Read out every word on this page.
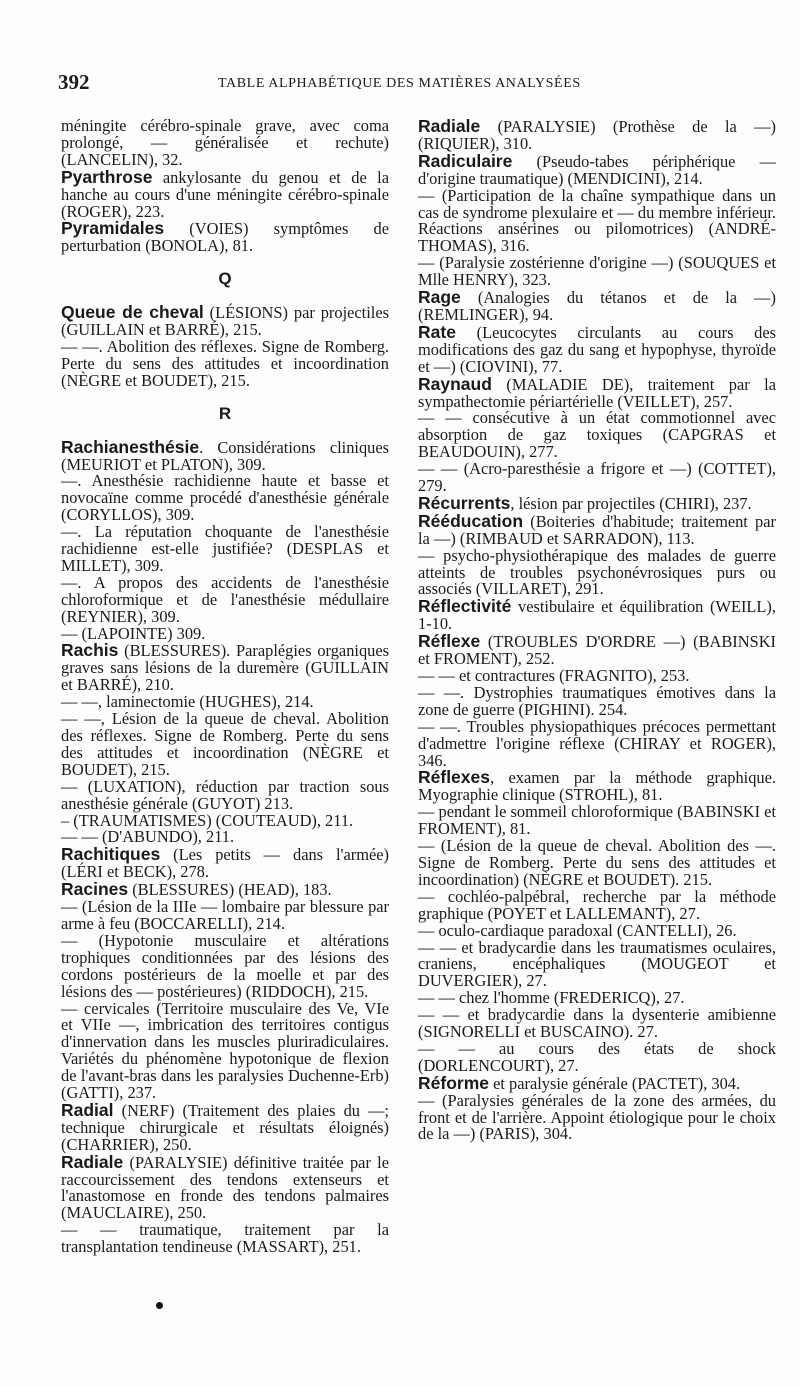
392	TABLE ALPHABÉTIQUE DES MATIÈRES ANALYSÉES

méningite cérébro-spinale grave, avec coma prolongé, — généralisée et rechute) (LANCELIN), 32.

Pyarthrose ankylosante du genou et de la hanche au cours d'une méningite cérébro-spinale (ROGER), 223.

Pyramidales (VOIES) symptômes de perturbation (BONOLA), 81.

Q

Queue de cheval (LÉSIONS) par projectiles (GUILLAIN et BARRÉ), 215.

— —. Abolition des réflexes. Signe de Romberg. Perte du sens des attitudes et incoordination (NÈGRE et BOUDET), 215.

R

Rachianesthésie. Considérations cliniques (MEURIOT et PLATON), 309.

—. Anesthésie rachidienne haute et basse et novocaïne comme procédé d'anesthésie générale (CORYLLOS), 309.

—. La réputation choquante de l'anesthésie rachidienne est-elle justifiée? (DESPLAS et MILLET), 309.

—. A propos des accidents de l'anesthésie chloroformique et de l'anesthésie médullaire (REYNIER), 309.

— (LAPOINTE) 309.

Rachis (BLESSURES). Paraplégies organiques graves sans lésions de la duremère (GUILLAIN et BARRÉ), 210.

— —, laminectomie (HUGHES), 214.

— —, Lésion de la queue de cheval. Abolition des réflexes. Signe de Romberg. Perte du sens des attitudes et incoordination (NÈGRE et BOUDET), 215.

— (LUXATION), réduction par traction sous anesthésie générale (GUYOT) 213.

– (TRAUMATISMES) (COUTEAUD), 211.

— — (D'ABUNDO), 211.

Rachitiques (Les petits — dans l'armée) (LÉRI et BECK), 278.

Racines (BLESSURES) (HEAD), 183.

— (Lésion de la IIIe — lombaire par blessure par arme à feu (BOCCARELLI), 214.

— (Hypotonie musculaire et altérations trophiques conditionnées par des lésions des cordons postérieurs de la moelle et par des lésions des — postérieures) (RIDDOCH), 215.

— cervicales (Territoire musculaire des Ve, VIe et VIIe —, imbrication des territoires contigus d'innervation dans les muscles pluriradiculaires. Variétés du phénomène hypotonique de flexion de l'avant-bras dans les paralysies Duchenne-Erb) (GATTI), 237.

Radial (NERF) (Traitement des plaies du —; technique chirurgicale et résultats éloignés) (CHARRIER), 250.

Radiale (PARALYSIE) définitive traitée par le raccourcissement des tendons extenseurs et l'anastomose en fronde des tendons palmaires (MAUCLAIRE), 250.

— — traumatique, traitement par la transplantation tendineuse (MASSART), 251.

Radiale (PARALYSIE) (Prothèse de la —) (RIQUIER), 310.

Radiculaire (Pseudo-tabes périphérique — d'origine traumatique) (MENDICINI), 214.

— (Participation de la chaîne sympathique dans un cas de syndrome plexulaire et — du membre inférieur. Réactions ansérines ou pilomotrices) (ANDRÉ-THOMAS), 316.

— (Paralysie zostérienne d'origine —) (SOUQUES et Mlle HENRY), 323.

Rage (Analogies du tétanos et de la —) (REMLINGER), 94.

Rate (Leucocytes circulants au cours des modifications des gaz du sang et hypophyse, thyroïde et —) (CIOVINI), 77.

Raynaud (MALADIE DE), traitement par la sympathectomie périartérielle (VEILLET), 257.

— — consécutive à un état commotionnel avec absorption de gaz toxiques (CAPGRAS et BEAUDOUIN), 277.

— — (Acro-paresthésie a frigore et —) (COTTET), 279.

Récurrents, lésion par projectiles (CHIRI), 237.

Rééducation (Boiteries d'habitude; traitement par la —) (RIMBAUD et SARRADON), 113.

— psycho-physiothérapique des malades de guerre atteints de troubles psychonévrosiques purs ou associés (VILLARET), 291.

Réflectivité vestibulaire et équilibration (WEILL), 1-10.

Réflexe (TROUBLES D'ORDRE —) (BABINSKI et FROMENT), 252.

— — et contractures (FRAGNITO), 253.

— —. Dystrophies traumatiques émotives dans la zone de guerre (PIGHINI). 254.

— —. Troubles physiopathiques précoces permettant d'admettre l'origine réflexe (CHIRAY et ROGER), 346.

Réflexes, examen par la méthode graphique. Myographie clinique (STROHL), 81.

— pendant le sommeil chloroformique (BABINSKI et FROMENT), 81.

— (Lésion de la queue de cheval. Abolition des —. Signe de Romberg. Perte du sens des attitudes et incoordination) (NÈGRE et BOUDET). 215.

— cochléo-palpébral, recherche par la méthode graphique (POYET et LALLEMANT), 27.

— oculo-cardiaque paradoxal (CANTELLI), 26.

— — et bradycardie dans les traumatismes oculaires, craniens, encéphaliques (MOUGEOT et DUVERGIER), 27.

— — chez l'homme (FREDERICQ), 27.

— — et bradycardie dans la dysenterie amibienne (SIGNORELLI et BUSCAINO). 27.

— — au cours des états de shock (DORLENCOURT), 27.

Réforme et paralysie générale (PACTET), 304.

— (Paralysies générales de la zone des armées, du front et de l'arrière. Appoint étiologique pour le choix de la —) (PARIS), 304.
